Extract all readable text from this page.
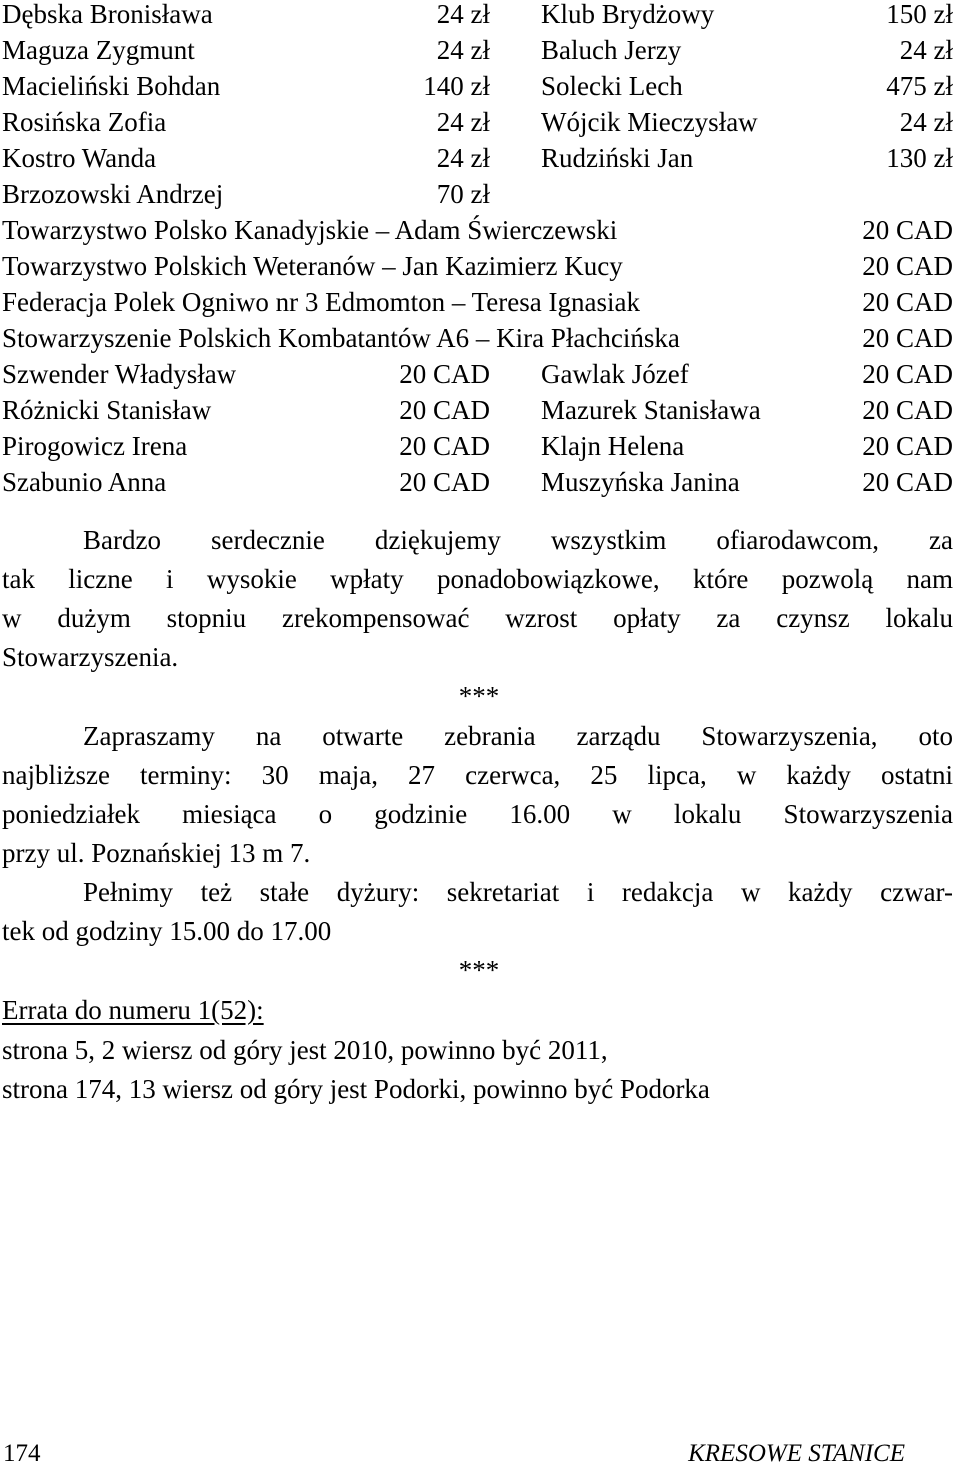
Dębska Bronisława	24 zł Klub Brydżowy	150 zł
Maguza Zygmunt	24 zł Baluch Jerzy	24 zł
Macieliński Bohdan	140 zł Solecki Lech	475 zł
Rosińska Zofia	24 zł Wójcik Mieczysław	24 zł
Kostro Wanda	24 zł Rudziński Jan	130 zł
Brzozowski Andrzej	70 zł
Towarzystwo Polsko Kanadyjskie – Adam Świerczewski	20 CAD
Towarzystwo Polskich Weteranów – Jan Kazimierz Kucy	20 CAD
Federacja Polek Ogniwo nr 3 Edmomton – Teresa Ignasiak	20 CAD
Stowarzyszenie Polskich Kombatantów A6 – Kira Płachcińska	20 CAD
Szwender Władysław	20 CAD Gawlak Józef	20 CAD
Różnicki Stanisław	20 CAD Mazurek Stanisława	20 CAD
Pirogowicz Irena	20 CAD Klajn Helena	20 CAD
Szabunio Anna	20 CAD Muszyńska Janina	20 CAD
Bardzo serdecznie dziękujemy wszystkim ofiarodawcom, za
tak liczne i wysokie wpłaty ponadobowiązkowe, które pozwolą nam
w dużym stopniu zrekompensować wzrost opłaty za czynsz lokalu
Stowarzyszenia.
***
Zapraszamy na otwarte zebrania zarządu Stowarzyszenia, oto
najbliższe terminy: 30 maja, 27 czerwca, 25 lipca, w każdy ostatni
poniedziałek miesiąca o godzinie 16.00 w lokalu Stowarzyszenia
przy ul. Poznańskiej 13 m 7.
Pełnimy też stałe dyżury: sekretariat i redakcja w każdy czwar-
tek od godziny 15.00 do 17.00
***
Errata do numeru 1(52):
strona 5, 2 wiersz od góry jest 2010, powinno być 2011,
strona 174, 13 wiersz od góry jest Podorki, powinno być Podorka
174	KRESOWE STANICE
